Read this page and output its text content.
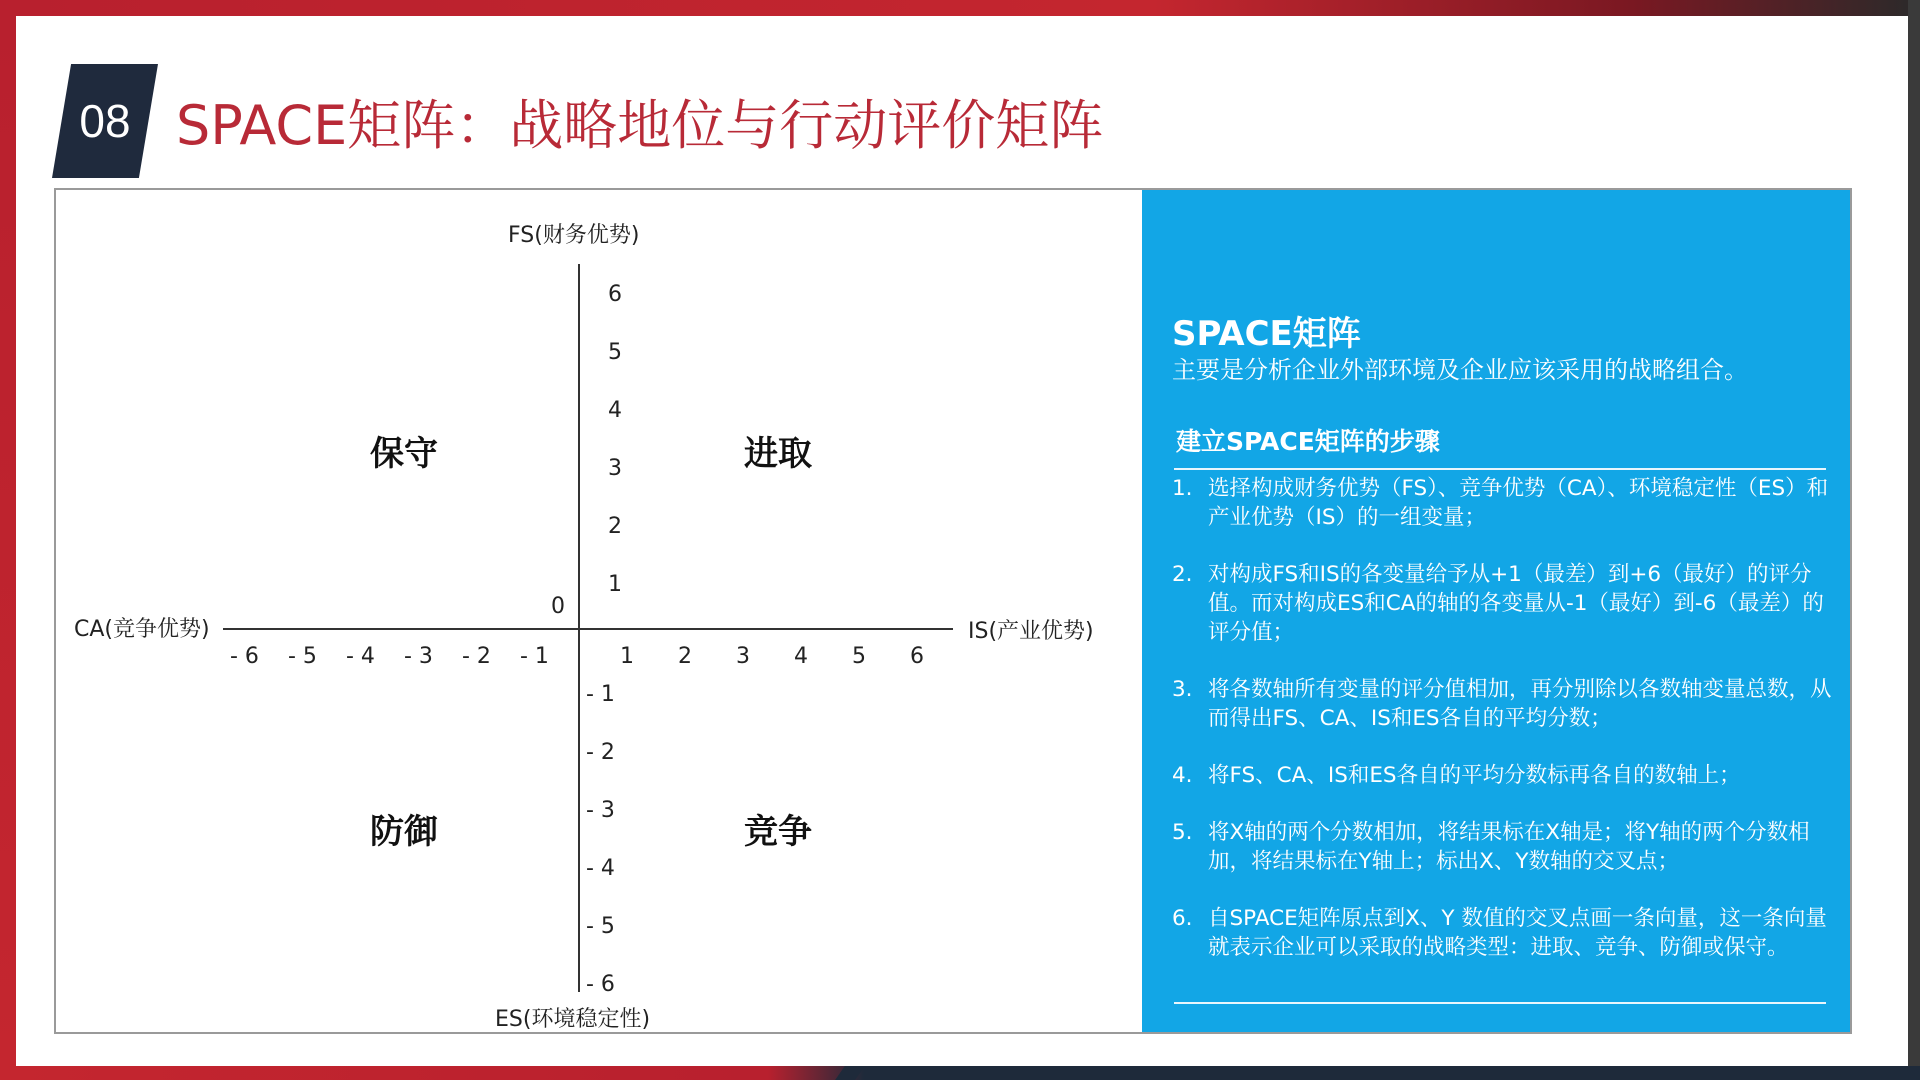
08 SPACE矩阵：战略地位与行动评价矩阵
FS(财务优势)
ES(环境稳定性)
CA(竞争优势)	IS(产业优势)
0
6
5
4
3
2
1
- 1
- 2
- 3
- 4
- 5
- 6
- 6 - 5 - 4 - 3 - 2 - 1	1 2 3 4 5 6
保守	进取
防御	竞争
SPACE矩阵
主要是分析企业外部环境及企业应该采用的战略组合。
建立SPACE矩阵的步骤
1. 选择构成财务优势（FS）、竞争优势（CA）、环境稳定性（ES）和产业优势（IS）的一组变量；
2. 对构成FS和IS的各变量给予从+1（最差）到+6（最好）的评分值。而对构成ES和CA的轴的各变量从-1（最好）到-6（最差）的评分值；
3. 将各数轴所有变量的评分值相加，再分别除以各数轴变量总数，从而得出FS、CA、IS和ES各自的平均分数；
4. 将FS、CA、IS和ES各自的平均分数标再各自的数轴上；
5. 将X轴的两个分数相加，将结果标在X轴是；将Y轴的两个分数相加，将结果标在Y轴上；标出X、Y数轴的交叉点；
6. 自SPACE矩阵原点到X、Y 数值的交叉点画一条向量，这一条向量就表示企业可以采取的战略类型：进取、竞争、防御或保守。
